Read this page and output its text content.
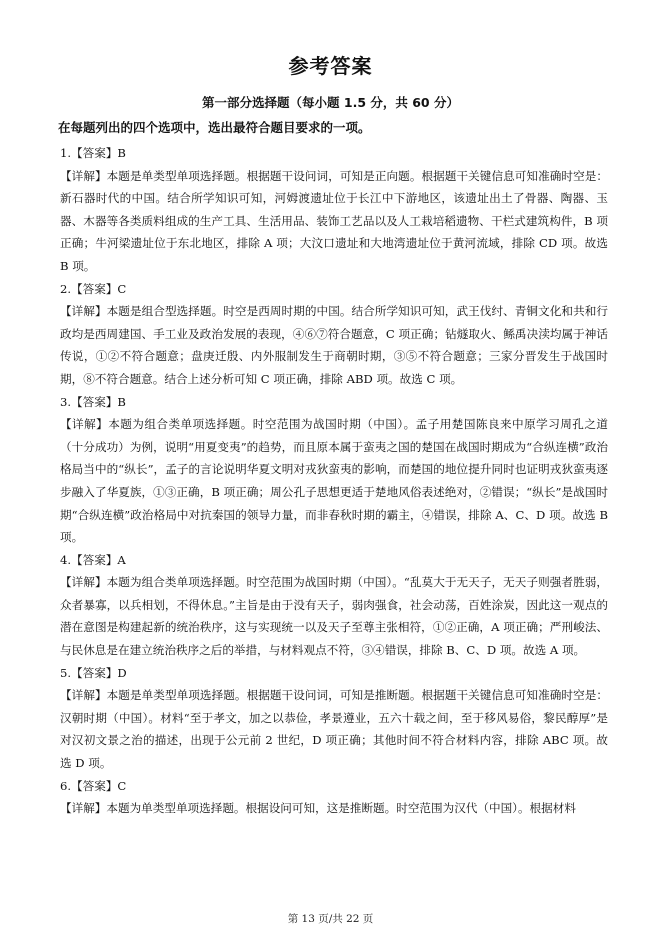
参考答案
第一部分选择题（每小题 1.5 分，共 60 分）
在每题列出的四个选项中，选出最符合题目要求的一项。
1.【答案】B
【详解】本题是单类型单项选择题。根据题干设问词，可知是正向题。根据题干关键信息可知准确时空是：新石器时代的中国。结合所学知识可知，河姆渡遗址位于长江中下游地区，该遗址出土了骨器、陶器、玉器、木器等各类质料组成的生产工具、生活用品、装饰工艺品以及人工栽培稻遗物、干栏式建筑构件，B 项正确；牛河梁遗址位于东北地区，排除 A 项；大汶口遗址和大地湾遗址位于黄河流域，排除 CD 项。故选 B 项。
2.【答案】C
【详解】本题是组合型选择题。时空是西周时期的中国。结合所学知识可知，武王伐纣、青铜文化和共和行政均是西周建国、手工业及政治发展的表现，④⑥⑦符合题意，C 项正确；钻燧取火、鲧禹决渎均属于神话传说，①②不符合题意；盘庚迁殷、内外服制发生于商朝时期，③⑤不符合题意；三家分晋发生于战国时期，⑧不符合题意。结合上述分析可知 C 项正确，排除 ABD 项。故选 C 项。
3.【答案】B
【详解】本题为组合类单项选择题。时空范围为战国时期（中国）。孟子用楚国陈良来中原学习周孔之道（十分成功）为例，说明“用夏变夷”的趋势，而且原本属于蛮夷之国的楚国在战国时期成为“合纵连横”政治格局当中的“纵长”，孟子的言论说明华夏文明对戎狄蛮夷的影响，而楚国的地位提升同时也证明戎狄蛮夷逐步融入了华夏族，①③正确，B 项正确；周公孔子思想更适于楚地风俗表述绝对，②错误；“纵长”是战国时期“合纵连横”政治格局中对抗秦国的领导力量，而非春秋时期的霸主，④错误，排除 A、C、D 项。故选 B 项。
4.【答案】A
【详解】本题为组合类单项选择题。时空范围为战国时期（中国）。“乱莫大于无天子，无天子则强者胜弱，众者暴寡，以兵相划，不得休息。”主旨是由于没有天子，弱肉强食，社会动荡，百姓涂炭，因此这一观点的潜在意图是构建起新的统治秩序，这与实现统一以及天子至尊主张相符，①②正确，A 项正确；严刑峻法、与民休息是在建立统治秩序之后的举措，与材料观点不符，③④错误，排除 B、C、D 项。故选 A 项。
5.【答案】D
【详解】本题是单类型单项选择题。根据题干设问词，可知是推断题。根据题干关键信息可知准确时空是：汉朝时期（中国）。材料“至于孝文，加之以恭俭，孝景遵业，五六十载之间，至于移风易俗，黎民醇厚”是对汉初文景之治的描述，出现于公元前 2 世纪，D 项正确；其他时间不符合材料内容，排除 ABC 项。故选 D 项。
6.【答案】C
【详解】本题为单类型单项选择题。根据设问可知，这是推断题。时空范围为汉代（中国）。根据材料
第 13 页/共 22 页
